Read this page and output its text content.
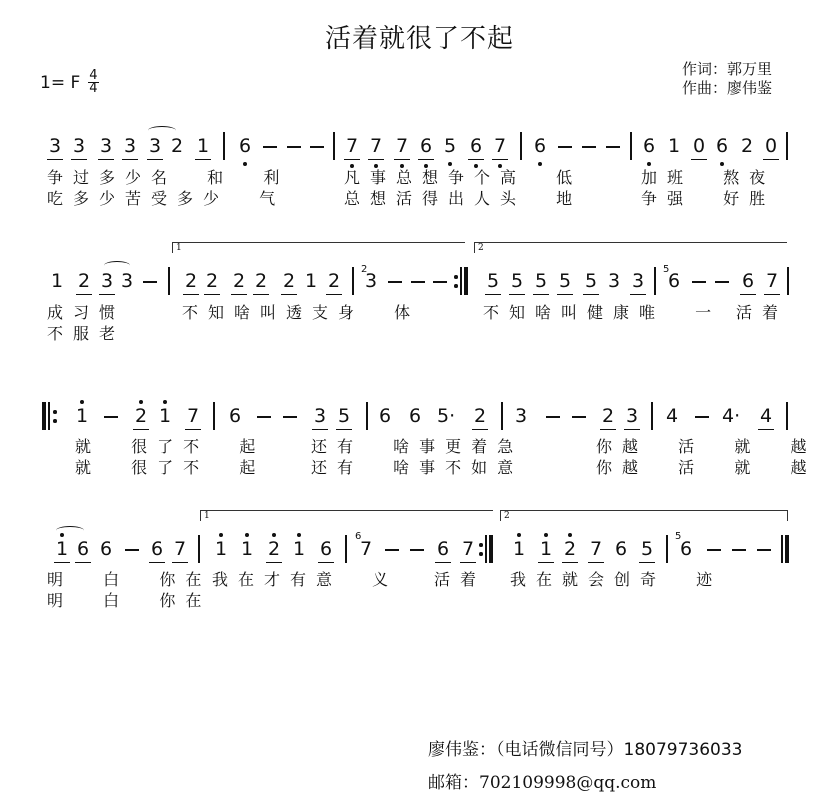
活着就很了不起
1= F $\frac{4}{4}$
作词：郭万里
作曲：廖伟鉴
3 3 3 3 3 2 1 6	7 7 7 6 5 6 7 6	6 1 0 6 2 0
争过多少名  和  利	凡事总想争个高  低	加班  熬夜
吃多少苦受多少  气	总想活得出人头  地	争强  好胜
1	2
1 2 3 3	2 2 2 2 2 1 2
2
3	5 5 5 5 5 3 3
5
6	6 7
成习惯	不知啥叫透支身  体	不知啥叫健康唯  一 活着
不服老
1 2 1 7 6	3 5 6 6 5· 2 3	2 3 4 4· 4
就  很了不  起	还有  啥事更着急	你越  活  就  越
就  很了不  起	还有  啥事不如意	你越  活  就  越
1	2
1 6 6 6 7 1 1 2 1 6
6
7	6 7 1 1 2 7 6 5
5
6
明  白  你在 我在才有意  义 活着 我在就会创奇  迹
明  白  你在
廖伟鉴：（电话微信同号）18079736033
邮箱：702109998@qq.com
